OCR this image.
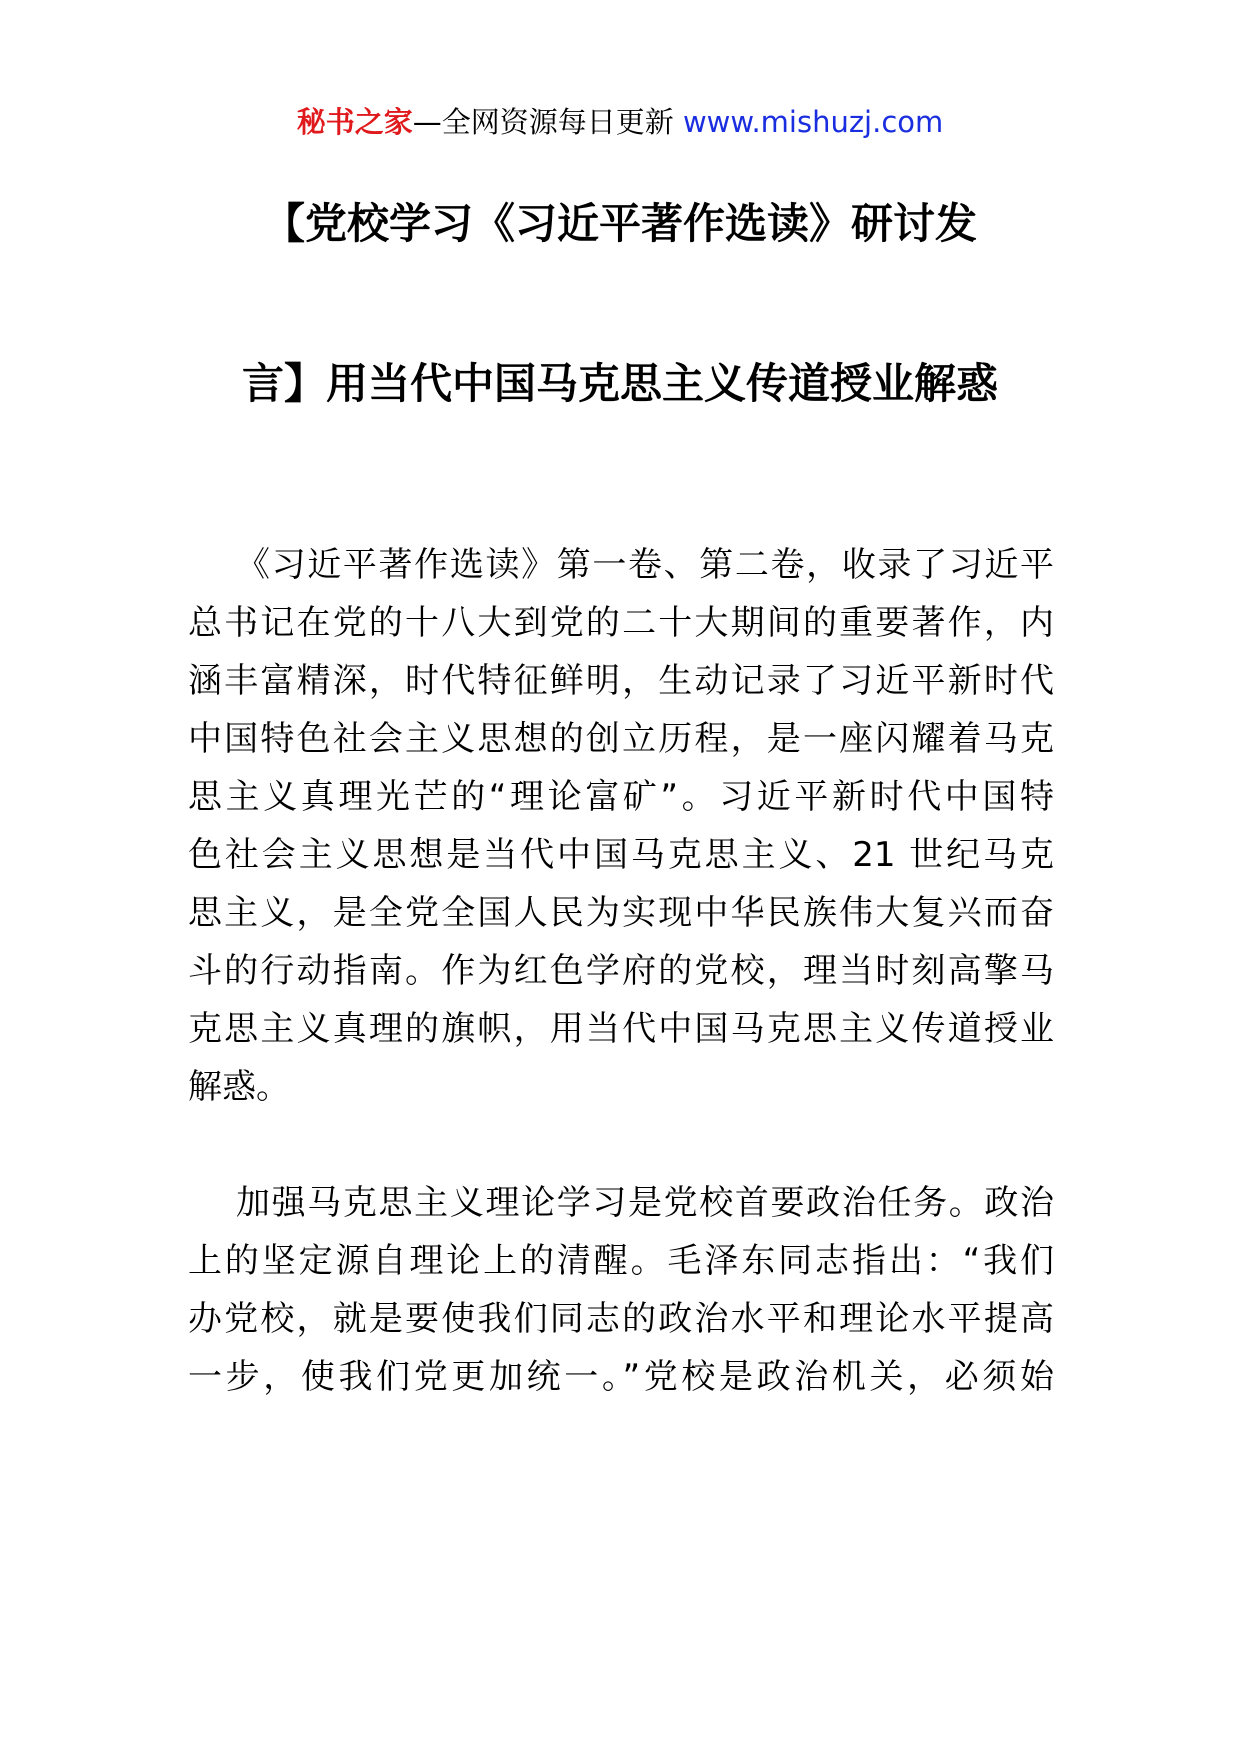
秘书之家—全网资源每日更新 www.mishuzj.com
【党校学习《习近平著作选读》研讨发
言】用当代中国马克思主义传道授业解惑
《习近平著作选读》第一卷、第二卷，收录了习近平
总书记在党的十八大到党的二十大期间的重要著作，内
涵丰富精深，时代特征鲜明，生动记录了习近平新时代
中国特色社会主义思想的创立历程，是一座闪耀着马克
思主义真理光芒的“理论富矿”。习近平新时代中国特
色社会主义思想是当代中国马克思主义、21 世纪马克
思主义，是全党全国人民为实现中华民族伟大复兴而奋
斗的行动指南。作为红色学府的党校，理当时刻高擎马
克思主义真理的旗帜，用当代中国马克思主义传道授业
解惑。
加强马克思主义理论学习是党校首要政治任务。政治
上的坚定源自理论上的清醒。毛泽东同志指出：“我们
办党校，就是要使我们同志的政治水平和理论水平提高
一步，使我们党更加统一。”党校是政治机关，必须始
